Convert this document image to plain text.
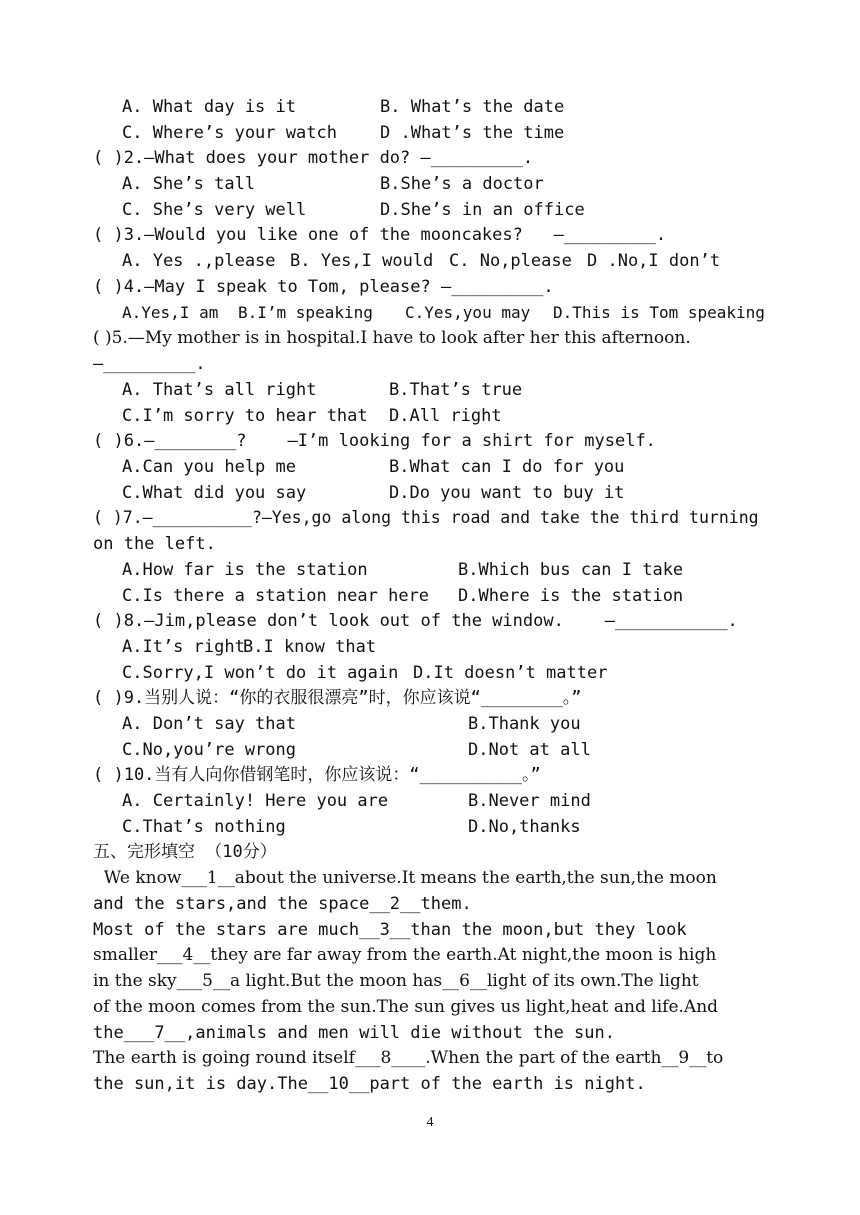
A. What day is it

	B. What’s the date

C. Where’s your watch

	D .What’s the time

( )2.—What does your mother do? —_________.

A. She’s tall

	B.She’s a doctor

C. She’s very well

	D.She’s in an office

( )3.—Would you like one of the mooncakes?   —_________.

A. Yes .,please

B. Yes,I would

C. No,please

D .No,I don’t

( )4.—May I speak to Tom, please? —_________.

A.Yes,I am

B.I’m speaking

C.Yes,you may

D.This is Tom speaking

( )5.—My mother is in hospital.I have to look after her this afternoon.
—_________.

A. That’s all right

	B.That’s true

C.I’m sorry to hear that

D.All right

( )6.—________?    —I’m looking for a shirt for myself.

A.Can you help me

	B.What can I do for you

C.What did you say

	D.Do you want to buy it

( )7.—__________?—Yes,go along this road and take the third turning
on the left.

A.How far is the station

	B.Which bus can I take

C.Is there a station near here

D.Where is the station

( )8.—Jim,please don’t look out of the window.    —___________.

A.It’s right

B.I know that

C.Sorry,I won’t do it again

D.It doesn’t matter

( )9.当别人说：“你的衣服很漂亮”时，你应该说“________。”

A. Don’t say that

	B.Thank you

C.No,you’re wrong

	D.Not at all

( )10.当有人向你借钢笔时，你应该说：“__________。”

A. Certainly! Here you are

	B.Never mind

C.That’s nothing

	D.No,thanks

五、完形填空 （10分）
We know___1__about the universe.It means the earth,the sun,the moon
and the stars,and the space__2__them.
Most of the stars are much__3__than the moon,but they look
smaller___4__they are far away from the earth.At night,the moon is high
in the sky___5__a light.But the moon has__6__light of its own.The light
of the moon comes from the sun.The sun gives us light,heat and life.And
the___7__,animals and men will die without the sun.
The earth is going round itself___8____.When the part of the earth__9__to
the sun,it is day.The__10__part of the earth is night.
4
